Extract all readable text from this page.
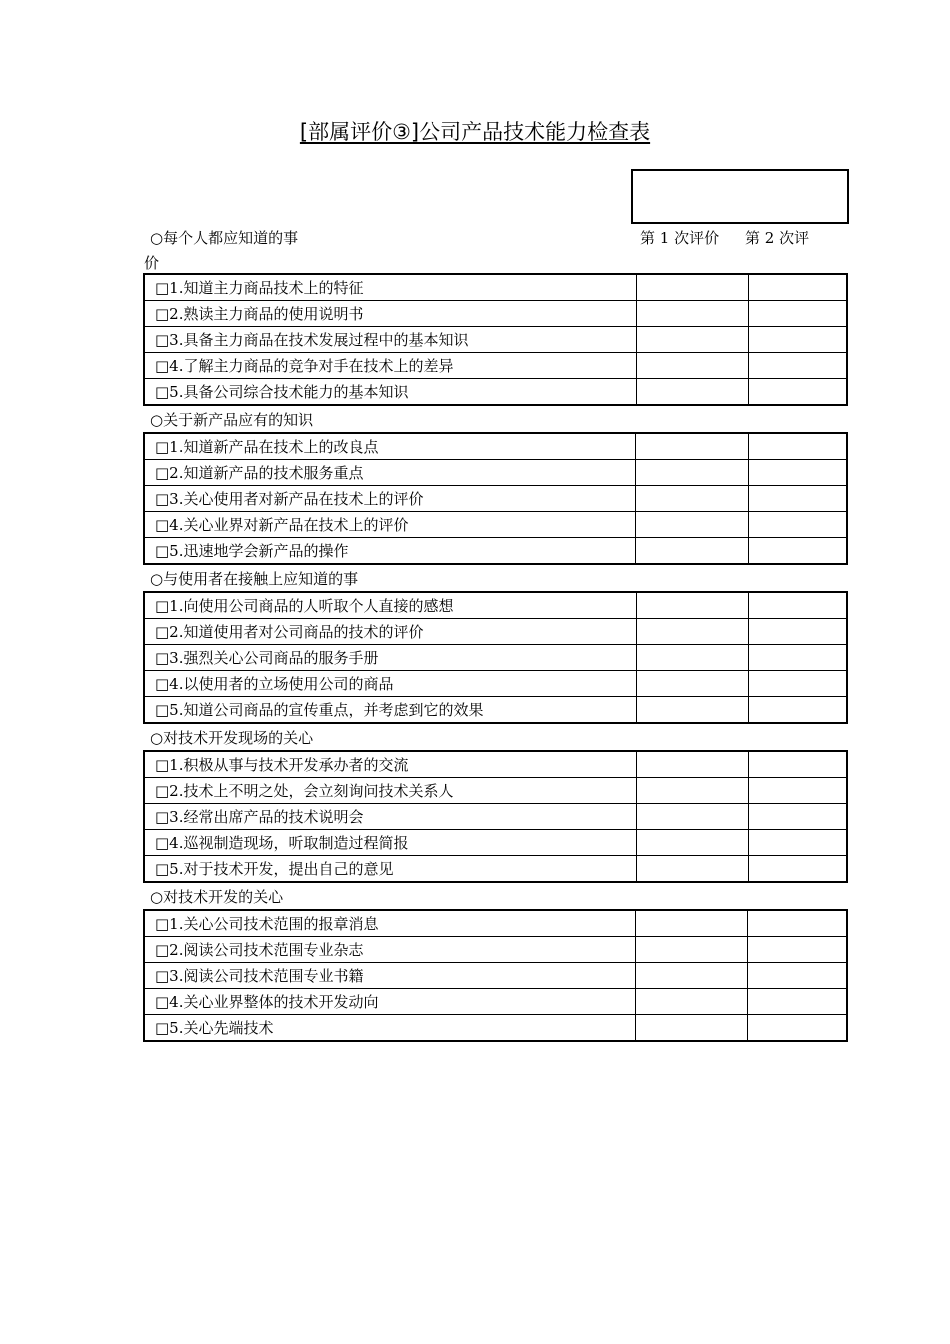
[部属评价③]公司产品技术能力检查表
○每个人都应知道的事
价
第 1 次评价 第 2 次评
□1.知道主力商品技术上的特征		
□2.熟读主力商品的使用说明书		
□3.具备主力商品在技术发展过程中的基本知识		
□4.了解主力商品的竞争对手在技术上的差异		
□5.具备公司综合技术能力的基本知识		
○关于新产品应有的知识
□1.知道新产品在技术上的改良点		
□2.知道新产品的技术服务重点		
□3.关心使用者对新产品在技术上的评价		
□4.关心业界对新产品在技术上的评价		
□5.迅速地学会新产品的操作		
○与使用者在接触上应知道的事
□1.向使用公司商品的人听取个人直接的感想		
□2.知道使用者对公司商品的技术的评价		
□3.强烈关心公司商品的服务手册		
□4.以使用者的立场使用公司的商品		
□5.知道公司商品的宣传重点，并考虑到它的效果		
○对技术开发现场的关心
□1.积极从事与技术开发承办者的交流		
□2.技术上不明之处，会立刻询问技术关系人		
□3.经常出席产品的技术说明会		
□4.巡视制造现场，听取制造过程简报		
□5.对于技术开发，提出自己的意见		
○对技术开发的关心
□1.关心公司技术范围的报章消息		
□2.阅读公司技术范围专业杂志		
□3.阅读公司技术范围专业书籍		
□4.关心业界整体的技术开发动向		
□5.关心先端技术		
